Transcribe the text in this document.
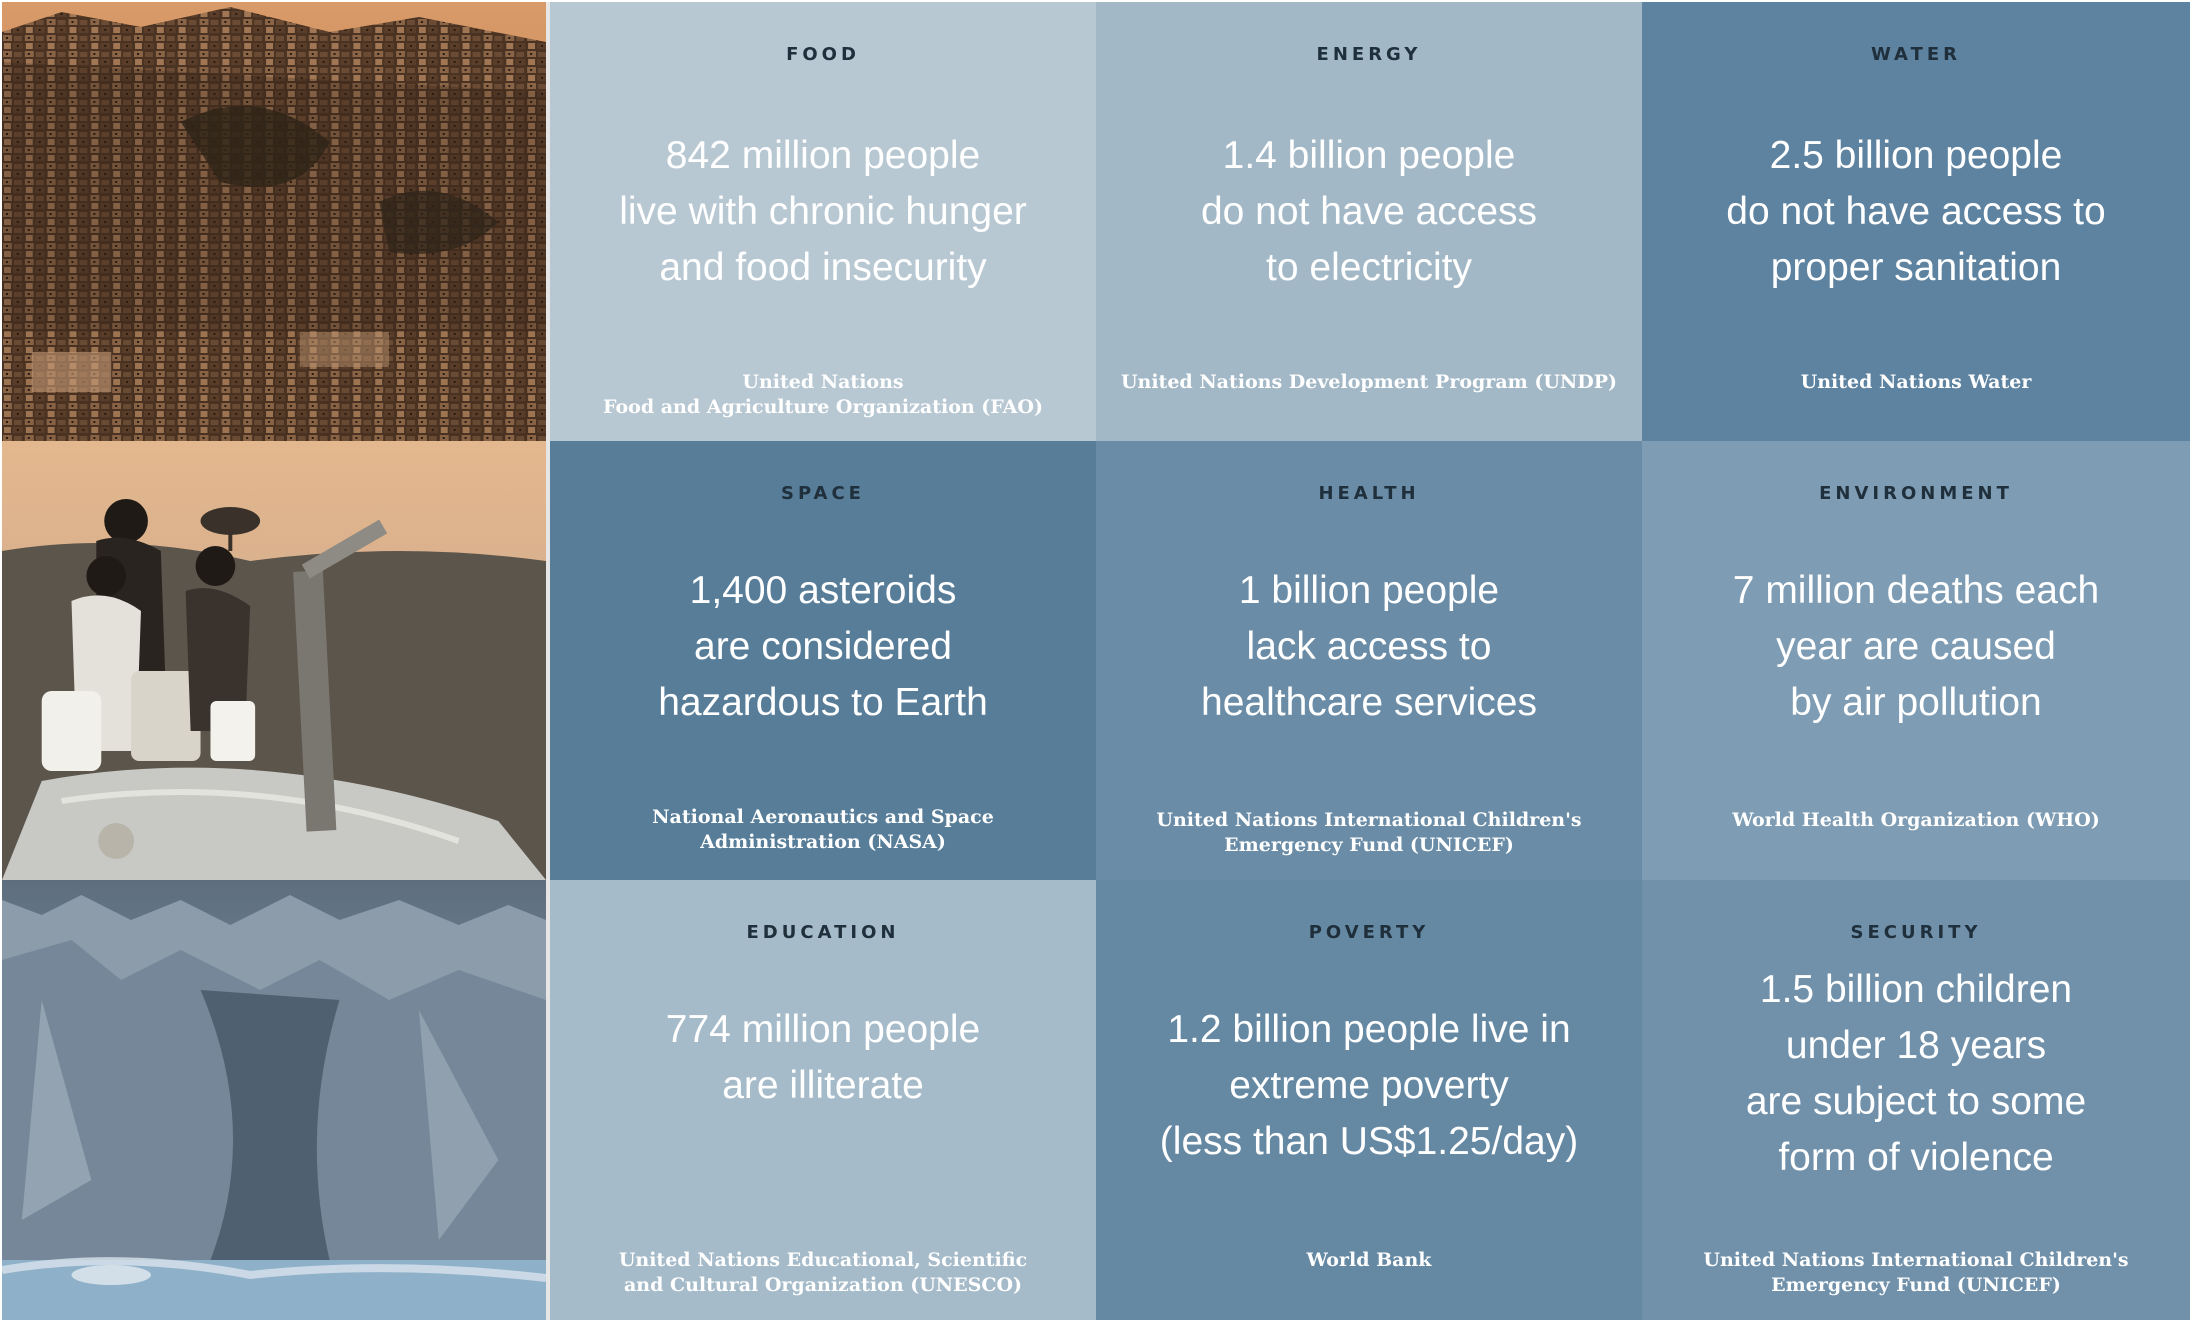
FOOD
842 million people
live with chronic hunger
and food insecurity
United Nations
Food and Agriculture Organization (FAO)
ENERGY
1.4 billion people
do not have access
to electricity
United Nations Development Program (UNDP)
WATER
2.5 billion people
do not have access to
proper sanitation
United Nations Water
SPACE
1,400 asteroids
are considered
hazardous to Earth
National Aeronautics and Space
Administration (NASA)
HEALTH
1 billion people
lack access to
healthcare services
United Nations International Children's
Emergency Fund (UNICEF)
ENVIRONMENT
7 million deaths each
year are caused
by air pollution
World Health Organization (WHO)
EDUCATION
774 million people
are illiterate
United Nations Educational, Scientific
and Cultural Organization (UNESCO)
POVERTY
1.2 billion people live in
extreme poverty
(less than US$1.25/day)
World Bank
SECURITY
1.5 billion children
under 18 years
are subject to some
form of violence
United Nations International Children's
Emergency Fund (UNICEF)
